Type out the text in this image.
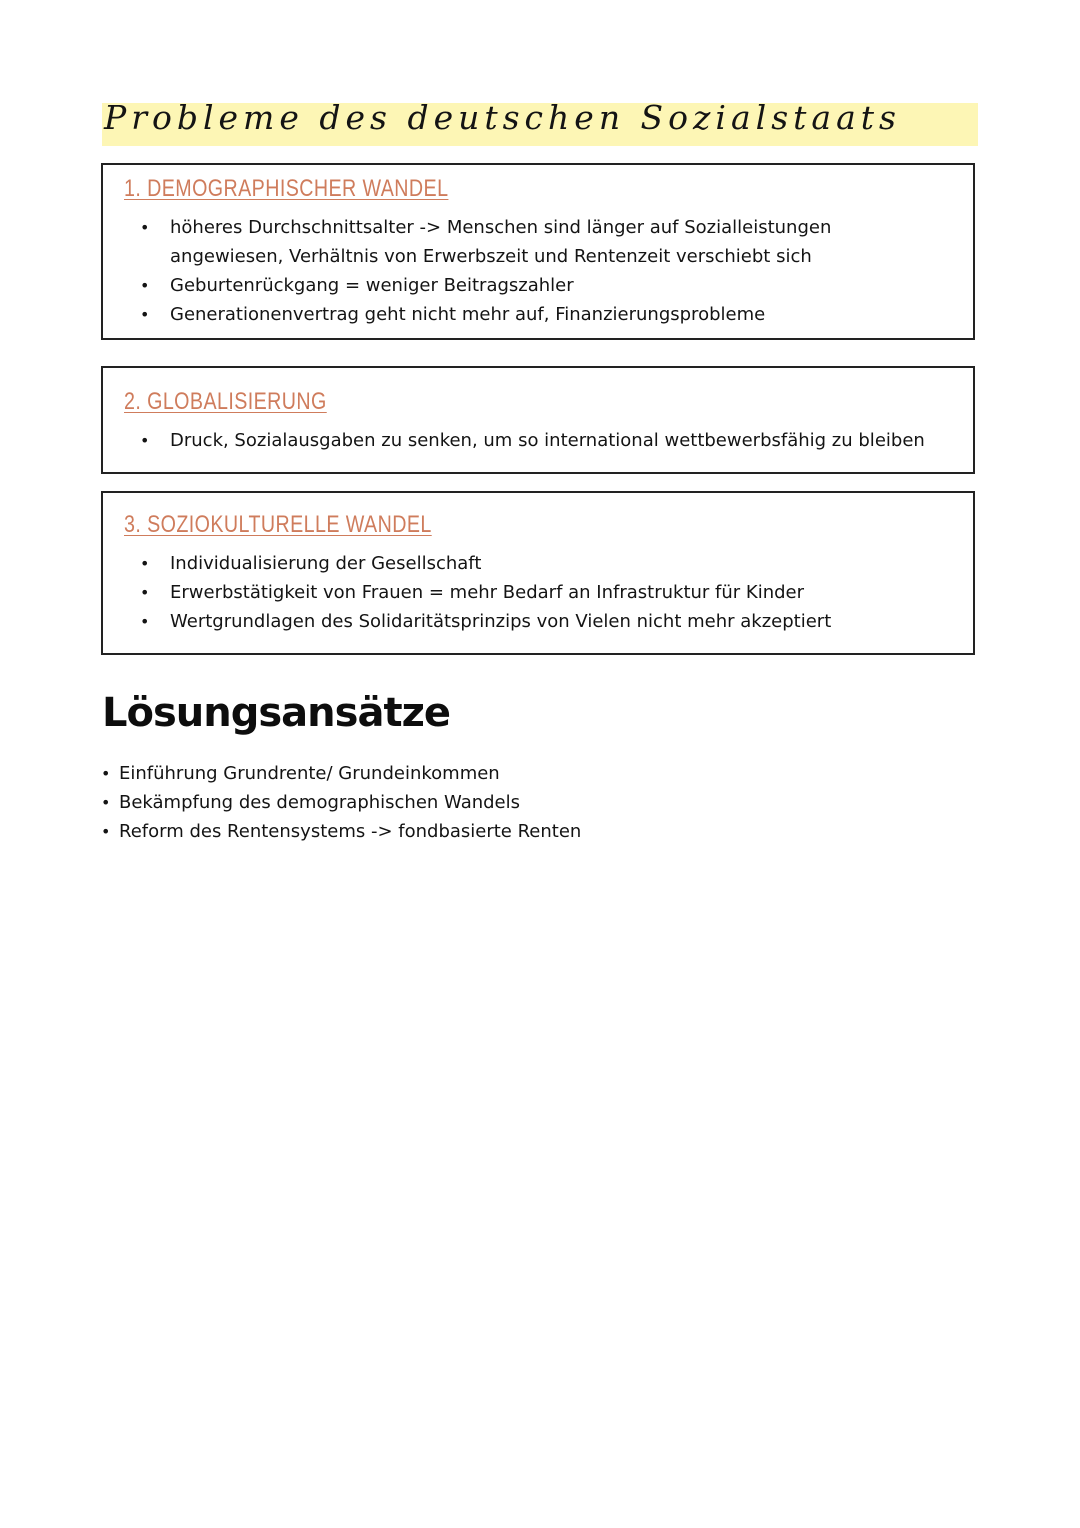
Probleme des deutschen Sozialstaats
1. DEMOGRAPHISCHER WANDEL
• höheres Durchschnittsalter -> Menschen sind länger auf Sozialleistungen
angewiesen, Verhältnis von Erwerbszeit und Rentenzeit verschiebt sich
• Geburtenrückgang = weniger Beitragszahler
• Generationenvertrag geht nicht mehr auf, Finanzierungsprobleme
2. GLOBALISIERUNG
• Druck, Sozialausgaben zu senken, um so international wettbewerbsfähig zu bleiben
3. SOZIOKULTURELLE WANDEL
• Individualisierung der Gesellschaft
• Erwerbstätigkeit von Frauen = mehr Bedarf an Infrastruktur für Kinder
• Wertgrundlagen des Solidaritätsprinzips von Vielen nicht mehr akzeptiert
Lösungsansätze
• Einführung Grundrente/ Grundeinkommen
• Bekämpfung des demographischen Wandels
• Reform des Rentensystems -> fondbasierte Renten
